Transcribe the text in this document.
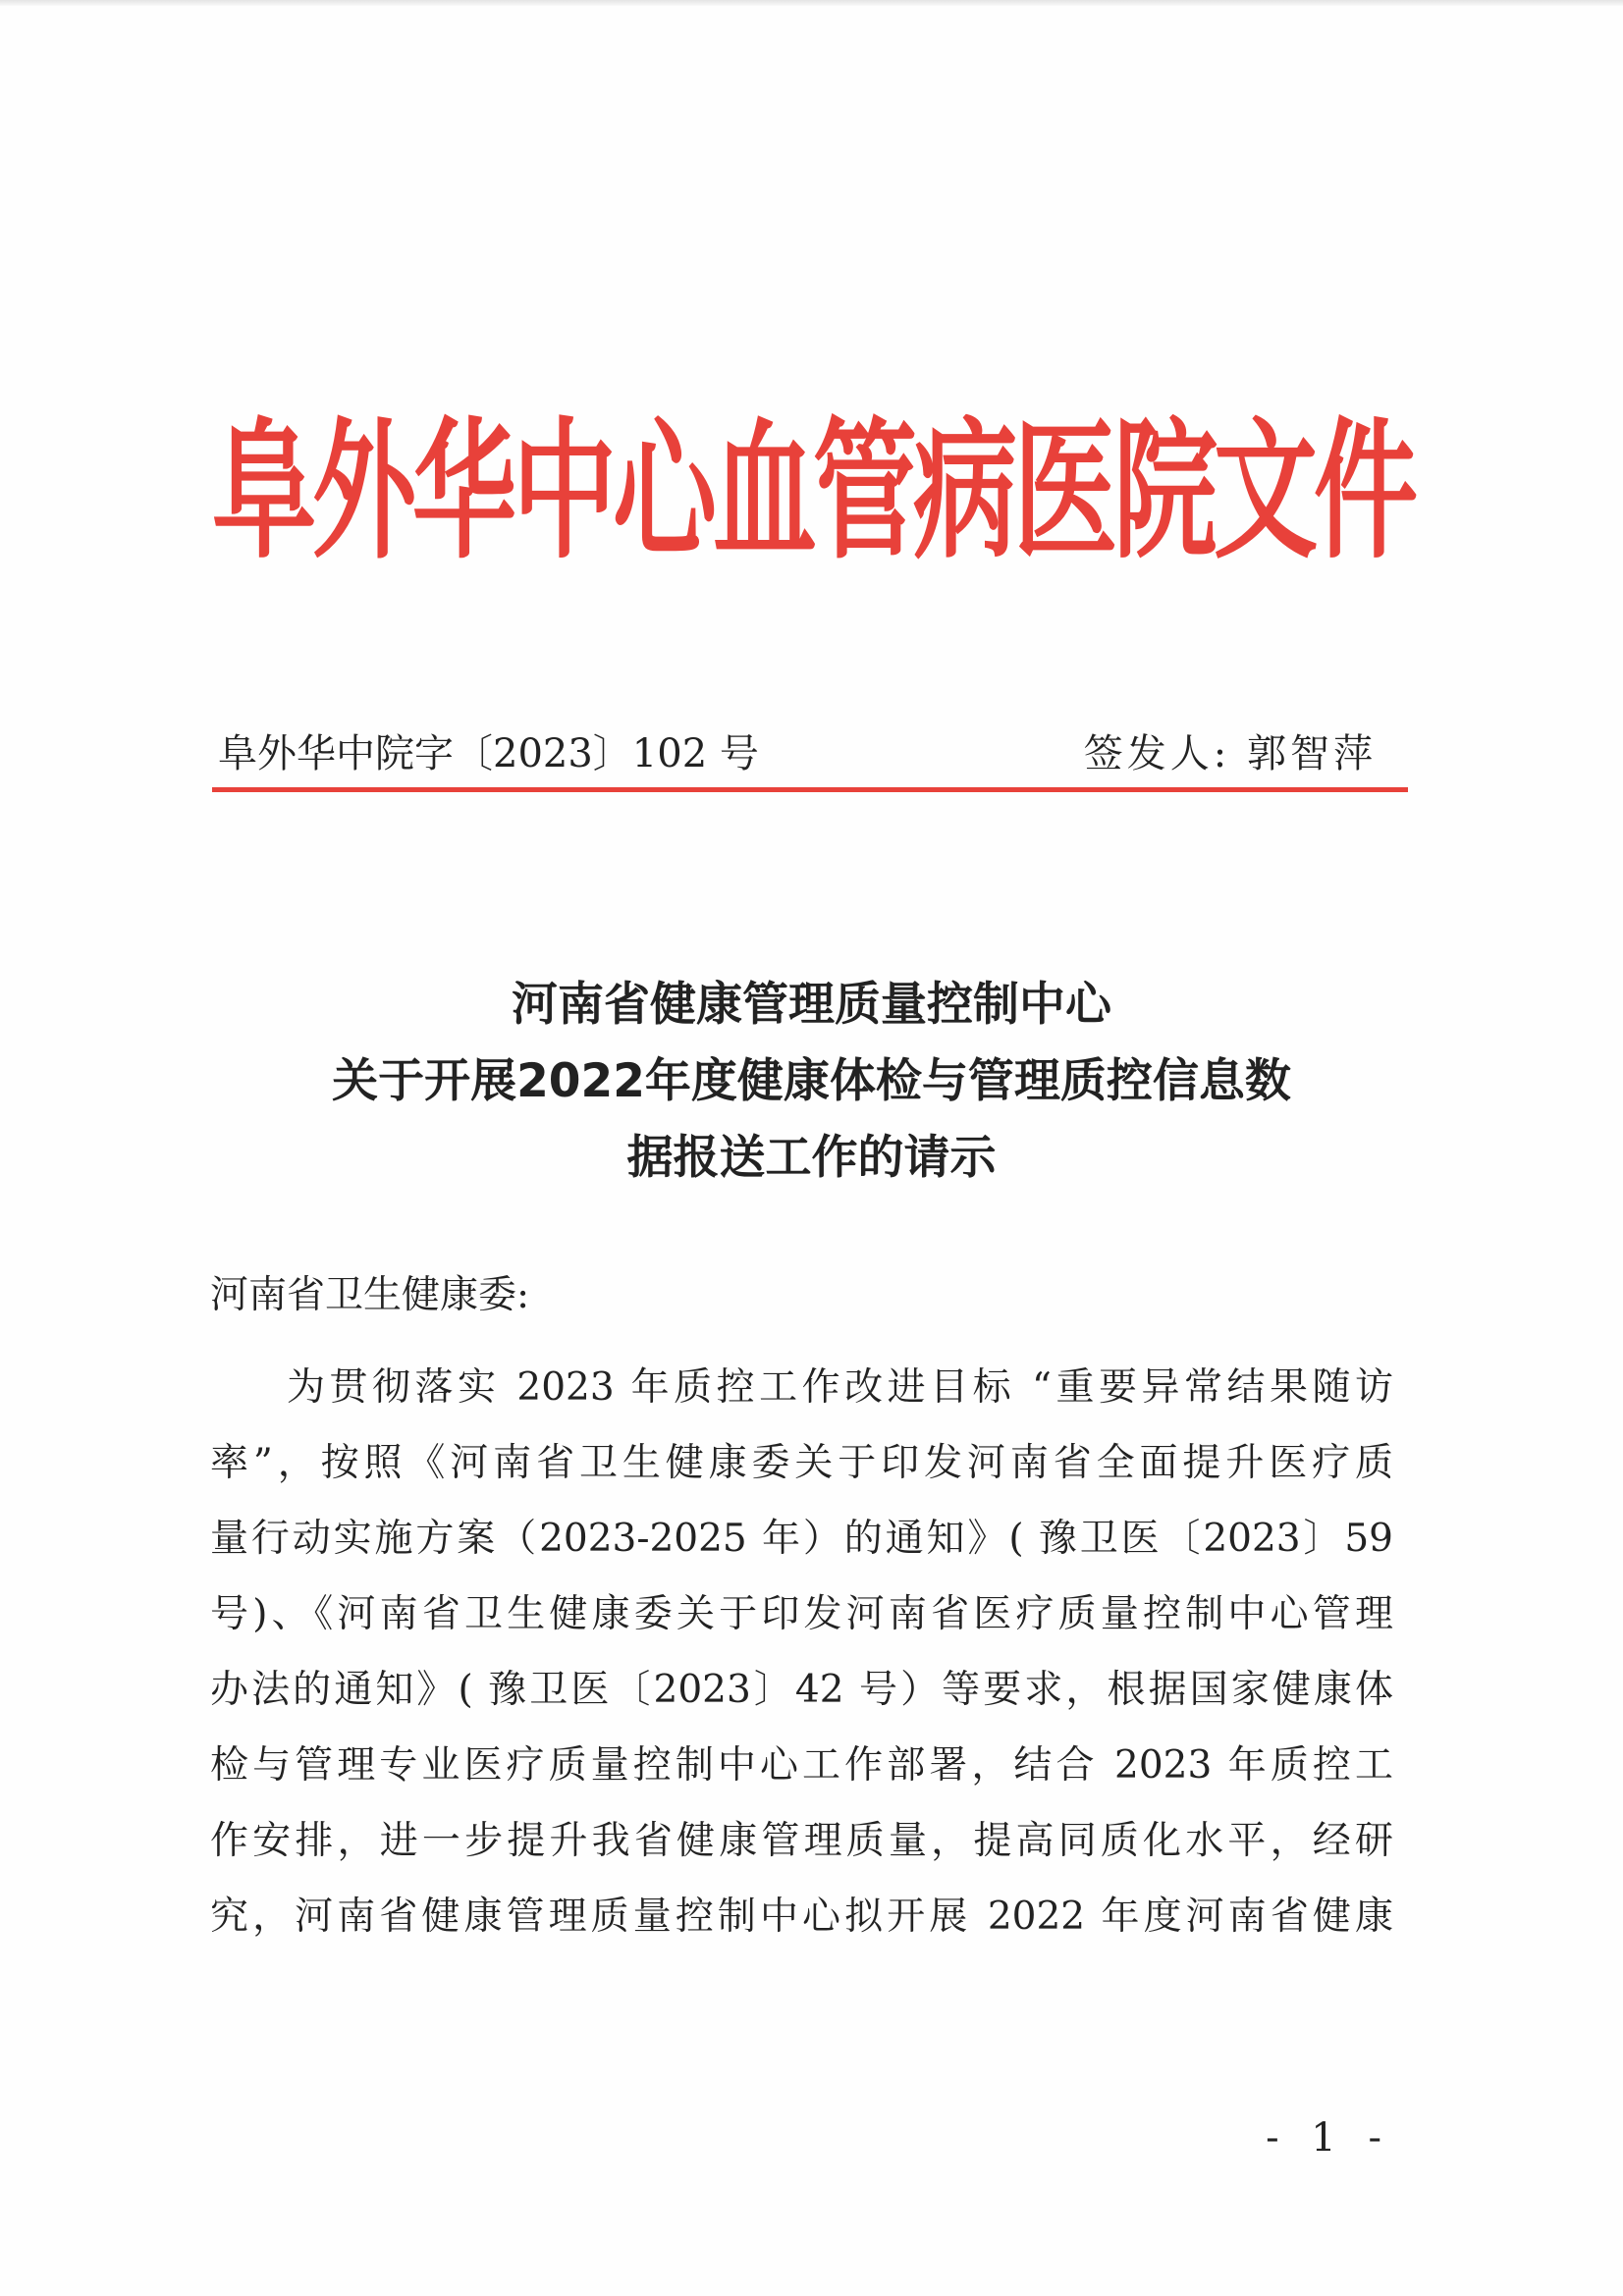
阜外华中心血管病医院文件
阜外华中院字〔2023〕102 号	签发人: 郭智萍
河南省健康管理质量控制中心
关于开展2022年度健康体检与管理质控信息数
据报送工作的请示
河南省卫生健康委:
为贯彻落实 2023 年质控工作改进目标 “重要异常结果随访
率”，按照《河南省卫生健康委关于印发河南省全面提升医疗质
量行动实施方案（2023-2025 年）的通知》( 豫卫医〔2023〕59
号)、《河南省卫生健康委关于印发河南省医疗质量控制中心管理
办法的通知》( 豫卫医〔2023〕42 号）等要求，根据国家健康体
检与管理专业医疗质量控制中心工作部署，结合 2023 年质控工
作安排，进一步提升我省健康管理质量，提高同质化水平，经研
究，河南省健康管理质量控制中心拟开展 2022 年度河南省健康
- 1 -
